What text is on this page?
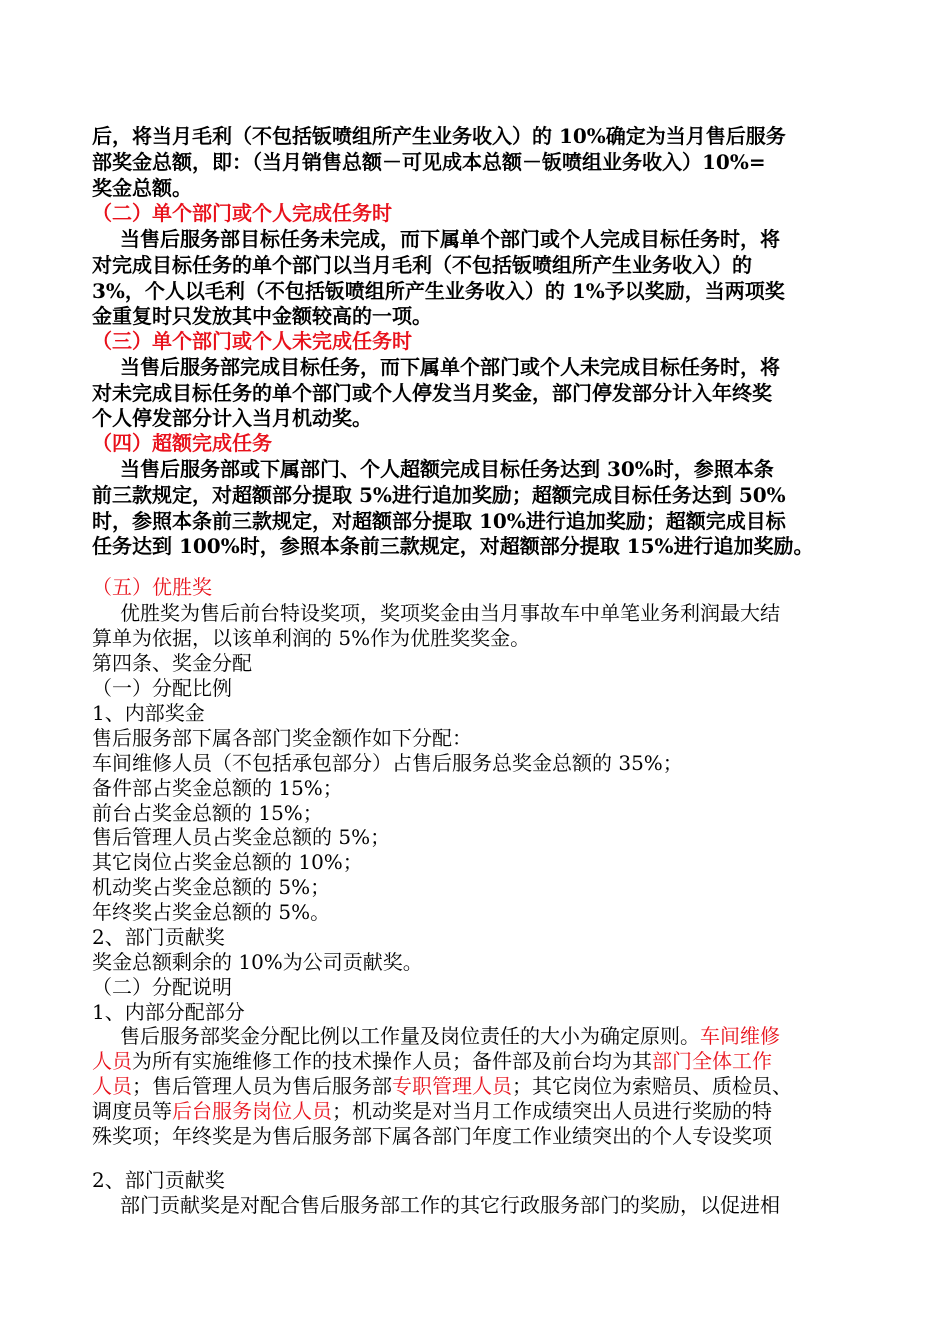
后，将当月毛利（不包括钣喷组所产生业务收入）的 10%确定为当月售后服务

部奖金总额，即：（当月销售总额－可见成本总额－钣喷组业务收入）10%=

奖金总额。

（二）单个部门或个人完成任务时

当售后服务部目标任务未完成，而下属单个部门或个人完成目标任务时，将

对完成目标任务的单个部门以当月毛利（不包括钣喷组所产生业务收入）的

3%，个人以毛利（不包括钣喷组所产生业务收入）的 1%予以奖励，当两项奖

金重复时只发放其中金额较高的一项。

（三）单个部门或个人未完成任务时

当售后服务部完成目标任务，而下属单个部门或个人未完成目标任务时，将

对未完成目标任务的单个部门或个人停发当月奖金，部门停发部分计入年终奖

个人停发部分计入当月机动奖。

（四）超额完成任务

当售后服务部或下属部门、个人超额完成目标任务达到 30%时，参照本条

前三款规定，对超额部分提取 5%进行追加奖励；超额完成目标任务达到 50%

时，参照本条前三款规定，对超额部分提取 10%进行追加奖励；超额完成目标

任务达到 100%时，参照本条前三款规定，对超额部分提取 15%进行追加奖励。

（五）优胜奖

优胜奖为售后前台特设奖项，奖项奖金由当月事故车中单笔业务利润最大结

算单为依据，以该单利润的 5%作为优胜奖奖金。

第四条、奖金分配

（一）分配比例

1、内部奖金

售后服务部下属各部门奖金额作如下分配：

车间维修人员（不包括承包部分）占售后服务总奖金总额的 35%；

备件部占奖金总额的 15%；

前台占奖金总额的 15%；

售后管理人员占奖金总额的 5%；

其它岗位占奖金总额的 10%；

机动奖占奖金总额的 5%；

年终奖占奖金总额的 5%。

2、部门贡献奖

奖金总额剩余的 10%为公司贡献奖。

（二）分配说明

1、内部分配部分

售后服务部奖金分配比例以工作量及岗位责任的大小为确定原则。车间维修

人员为所有实施维修工作的技术操作人员；备件部及前台均为其部门全体工作

人员；售后管理人员为售后服务部专职管理人员；其它岗位为索赔员、质检员、

调度员等后台服务岗位人员；机动奖是对当月工作成绩突出人员进行奖励的特

殊奖项；年终奖是为售后服务部下属各部门年度工作业绩突出的个人专设奖项

2、部门贡献奖

部门贡献奖是对配合售后服务部工作的其它行政服务部门的奖励，以促进相
